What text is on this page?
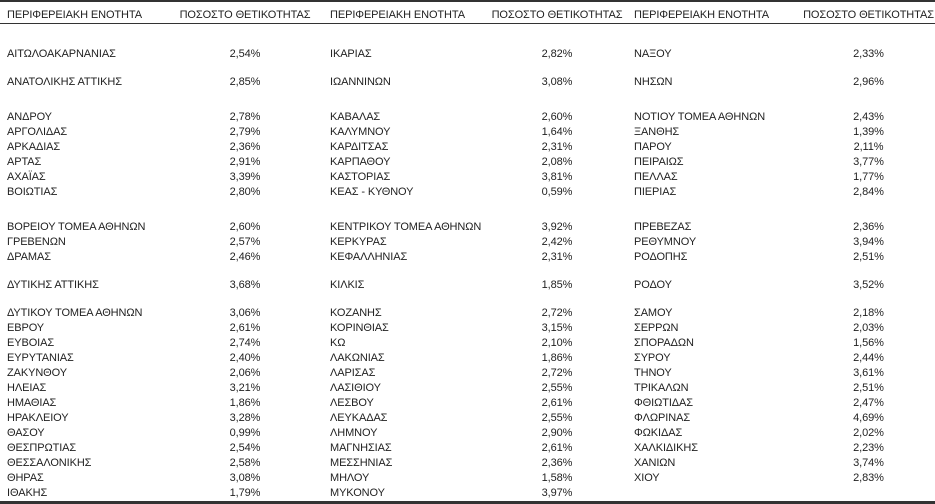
ΠΕΡΙΦΕΡΕΙΑΚΗ ΕΝΟΤΗΤΑ	ΠΟΣΟΣΤΟ ΘΕΤΙΚΟΤΗΤΑΣ	ΠΕΡΙΦΕΡΕΙΑΚΗ ΕΝΟΤΗΤΑ	ΠΟΣΟΣΤΟ ΘΕΤΙΚΟΤΗΤΑΣ	ΠΕΡΙΦΕΡΕΙΑΚΗ ΕΝΟΤΗΤΑ	ΠΟΣΟΣΤΟ ΘΕΤΙΚΟΤΗΤΑΣ
ΑΙΤΩΛΟΑΚΑΡΝΑΝΙΑΣ	2,54%	ΙΚΑΡΙΑΣ	2,82%	ΝΑΞΟΥ	2,33%
ΑΝΑΤΟΛΙΚΗΣ ΑΤΤΙΚΗΣ	2,85%	ΙΩΑΝΝΙΝΩΝ	3,08%	ΝΗΣΩΝ	2,96%
ΑΝΔΡΟΥ	2,78%	ΚΑΒΑΛΑΣ	2,60%	ΝΟΤΙΟΥ ΤΟΜΕΑ ΑΘΗΝΩΝ	2,43%
ΑΡΓΟΛΙΔΑΣ	2,79%	ΚΑΛΥΜΝΟΥ	1,64%	ΞΑΝΘΗΣ	1,39%
ΑΡΚΑΔΙΑΣ	2,36%	ΚΑΡΔΙΤΣΑΣ	2,31%	ΠΑΡΟΥ	2,11%
ΑΡΤΑΣ	2,91%	ΚΑΡΠΑΘΟΥ	2,08%	ΠΕΙΡΑΙΩΣ	3,77%
ΑΧΑΪΑΣ	3,39%	ΚΑΣΤΟΡΙΑΣ	3,81%	ΠΕΛΛΑΣ	1,77%
ΒΟΙΩΤΙΑΣ	2,80%	ΚΕΑΣ - ΚΥΘΝΟΥ	0,59%	ΠΙΕΡΙΑΣ	2,84%
ΒΟΡΕΙΟΥ ΤΟΜΕΑ ΑΘΗΝΩΝ	2,60%	ΚΕΝΤΡΙΚΟΥ ΤΟΜΕΑ ΑΘΗΝΩΝ	3,92%	ΠΡΕΒΕΖΑΣ	2,36%
ΓΡΕΒΕΝΩΝ	2,57%	ΚΕΡΚΥΡΑΣ	2,42%	ΡΕΘΥΜΝΟΥ	3,94%
ΔΡΑΜΑΣ	2,46%	ΚΕΦΑΛΛΗΝΙΑΣ	2,31%	ΡΟΔΟΠΗΣ	2,51%
ΔΥΤΙΚΗΣ ΑΤΤΙΚΗΣ	3,68%	ΚΙΛΚΙΣ	1,85%	ΡΟΔΟΥ	3,52%
ΔΥΤΙΚΟΥ ΤΟΜΕΑ ΑΘΗΝΩΝ	3,06%	ΚΟΖΑΝΗΣ	2,72%	ΣΑΜΟΥ	2,18%
ΕΒΡΟΥ	2,61%	ΚΟΡΙΝΘΙΑΣ	3,15%	ΣΕΡΡΩΝ	2,03%
ΕΥΒΟΙΑΣ	2,74%	ΚΩ	2,10%	ΣΠΟΡΑΔΩΝ	1,56%
ΕΥΡΥΤΑΝΙΑΣ	2,40%	ΛΑΚΩΝΙΑΣ	1,86%	ΣΥΡΟΥ	2,44%
ΖΑΚΥΝΘΟΥ	2,06%	ΛΑΡΙΣΑΣ	2,72%	ΤΗΝΟΥ	3,61%
ΗΛΕΙΑΣ	3,21%	ΛΑΣΙΘΙΟΥ	2,55%	ΤΡΙΚΑΛΩΝ	2,51%
ΗΜΑΘΙΑΣ	1,86%	ΛΕΣΒΟΥ	2,61%	ΦΘΙΩΤΙΔΑΣ	2,47%
ΗΡΑΚΛΕΙΟΥ	3,28%	ΛΕΥΚΑΔΑΣ	2,55%	ΦΛΩΡΙΝΑΣ	4,69%
ΘΑΣΟΥ	0,99%	ΛΗΜΝΟΥ	2,90%	ΦΩΚΙΔΑΣ	2,02%
ΘΕΣΠΡΩΤΙΑΣ	2,54%	ΜΑΓΝΗΣΙΑΣ	2,61%	ΧΑΛΚΙΔΙΚΗΣ	2,23%
ΘΕΣΣΑΛΟΝΙΚΗΣ	2,58%	ΜΕΣΣΗΝΙΑΣ	2,36%	ΧΑΝΙΩΝ	3,74%
ΘΗΡΑΣ	3,08%	ΜΗΛΟΥ	1,58%	ΧΙΟΥ	2,83%
ΙΘΑΚΗΣ	1,79%	ΜΥΚΟΝΟΥ	3,97%
